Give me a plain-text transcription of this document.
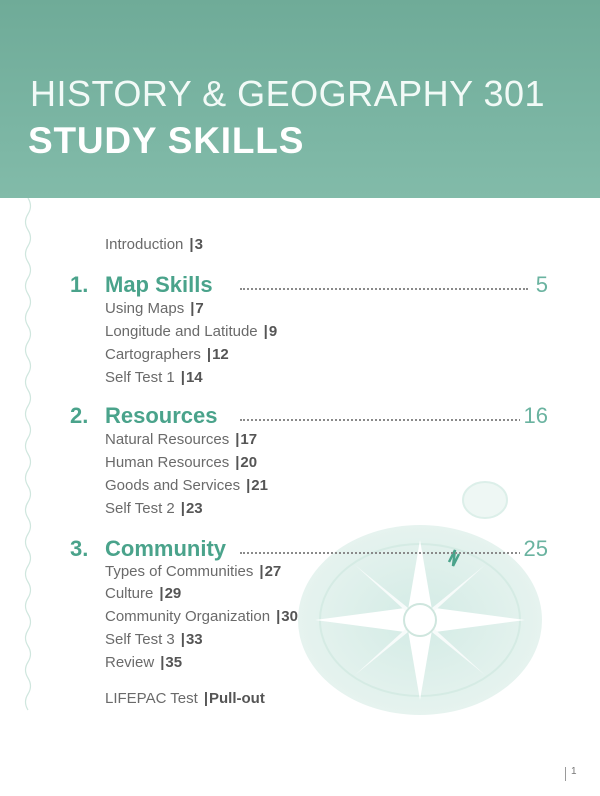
HISTORY & GEOGRAPHY 301
STUDY SKILLS
Introduction | 3
1. Map Skills	5
Using Maps | 7
Longitude and Latitude | 9
Cartographers | 12
Self Test 1 | 14
2. Resources	16
Natural Resources | 17
Human Resources | 20
Goods and Services | 21
Self Test 2 | 23
3. Community	25
Types of Communities | 27
Culture | 29
Community Organization | 30
Self Test 3 | 33
Review | 35
LIFEPAC Test | Pull-out
1
